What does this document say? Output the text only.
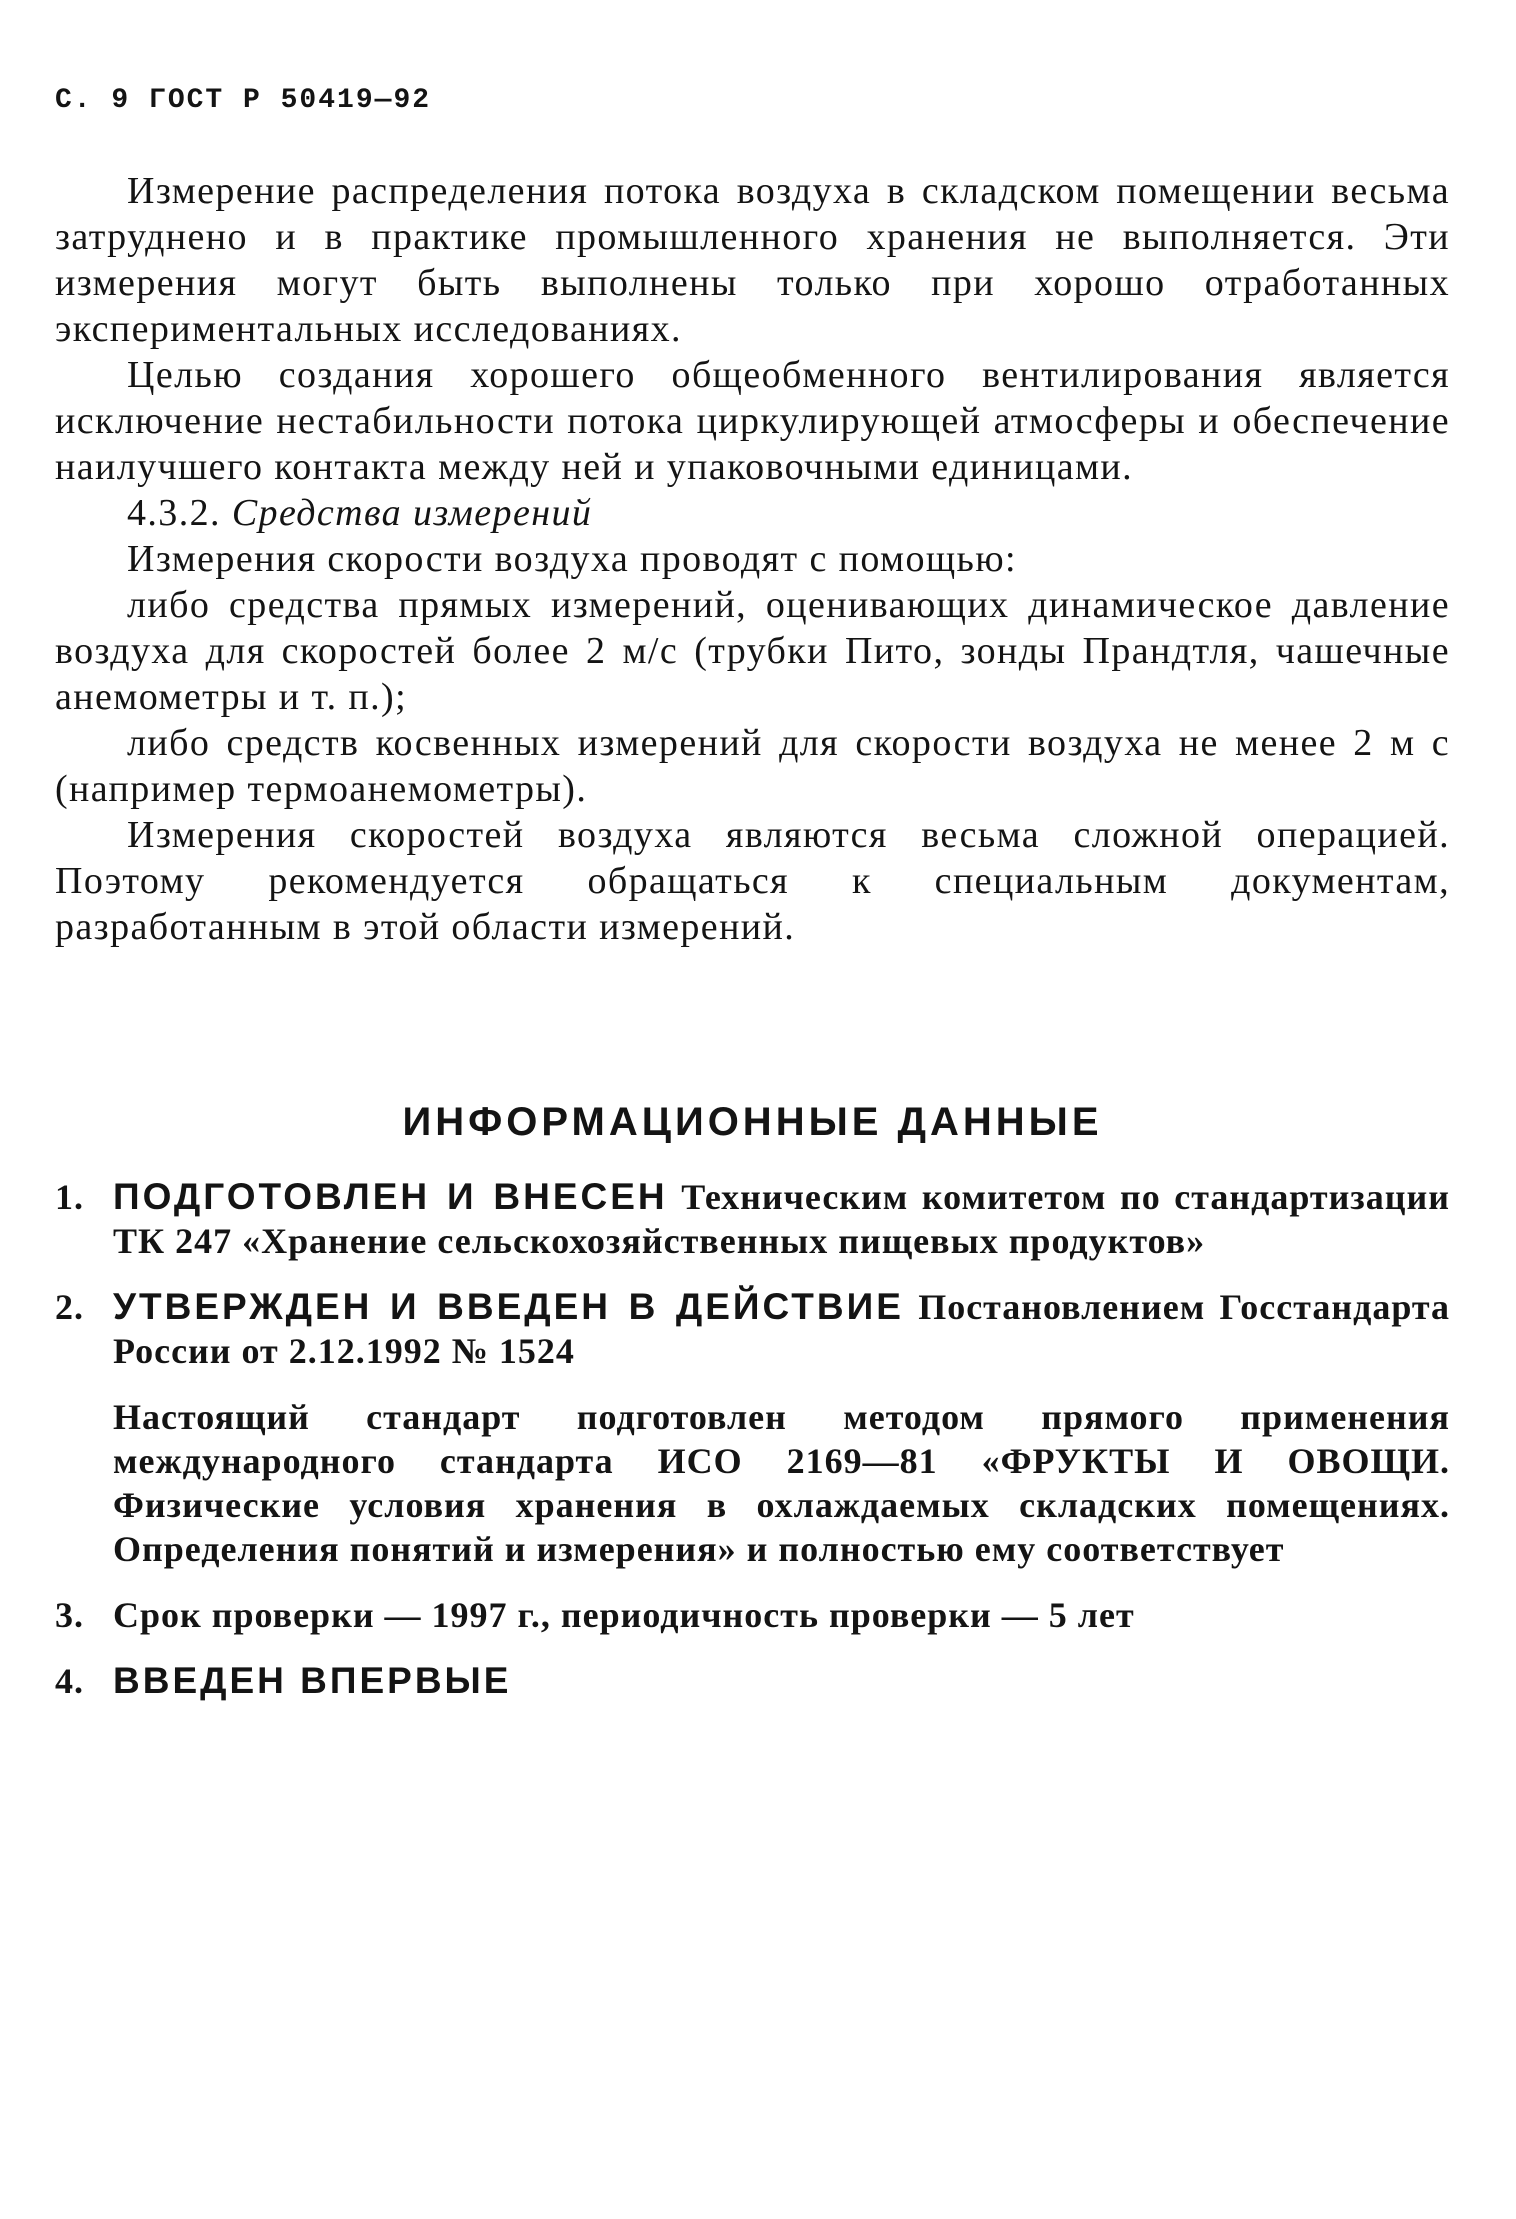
С. 9 ГОСТ Р 50419—92

Измерение распределения потока воздуха в складском помещении весьма затруднено и в практике промышленного хранения не выполняется. Эти измерения могут быть выполнены только при хорошо отработанных экспериментальных исследованиях.

Целью создания хорошего общеобменного вентилирования является исключение нестабильности потока циркулирующей атмосферы и обеспечение наилучшего контакта между ней и упаковочными единицами.

4.3.2. Средства измерений

Измерения скорости воздуха проводят с помощью:

либо средства прямых измерений, оценивающих динамическое давление воздуха для скоростей более 2 м/с (трубки Пито, зонды Прандтля, чашечные анемометры и т. п.);

либо средств косвенных измерений для скорости воздуха не менее 2 м с (например термоанемометры).

Измерения скоростей воздуха являются весьма сложной операцией. Поэтому рекомендуется обращаться к специальным документам, разработанным в этой области измерений.

ИНФОРМАЦИОННЫЕ ДАННЫЕ
1. ПОДГОТОВЛЕН И ВНЕСЕН Техническим комитетом по стандартизации ТК 247 «Хранение сельскохозяйственных пищевых продуктов»
2. УТВЕРЖДЕН И ВВЕДЕН В ДЕЙСТВИЕ Постановлением Госстандарта России от 2.12.1992 № 1524

Настоящий стандарт подготовлен методом прямого применения международного стандарта ИСО 2169—81 «ФРУКТЫ И ОВОЩИ. Физические условия хранения в охлаждаемых складских помещениях. Определения понятий и измерения» и полностью ему соответствует

3. Срок проверки — 1997 г., периодичность проверки — 5 лет
4. ВВЕДЕН ВПЕРВЫЕ
